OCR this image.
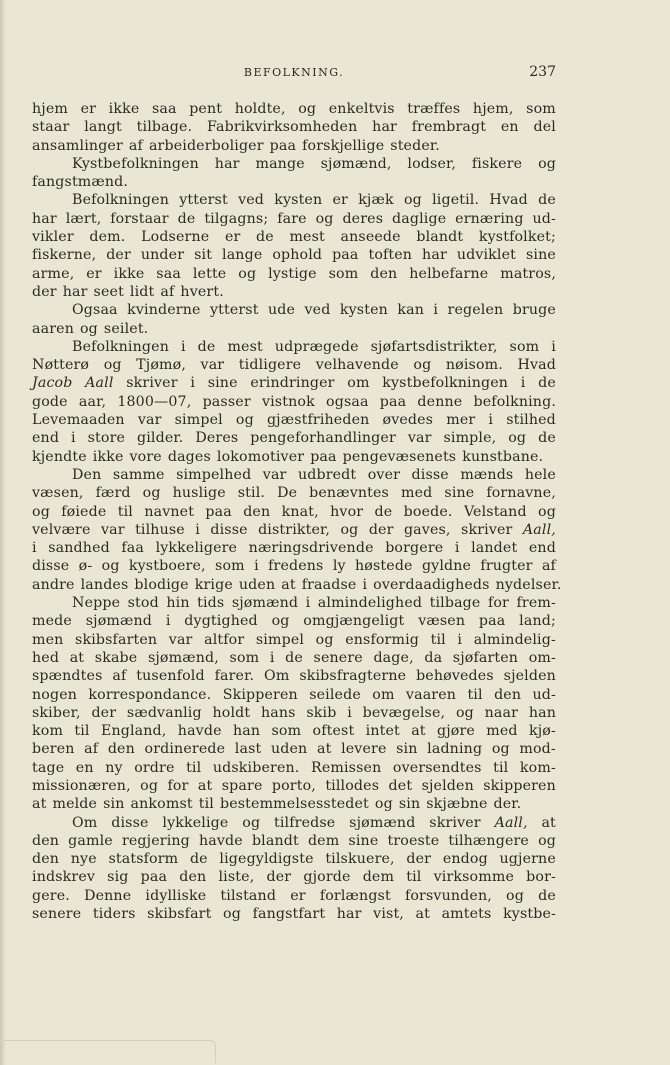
BEFOLKNING.	237
hjem er ikke saa pent holdte, og enkeltvis træffes hjem, som
staar langt tilbage. Fabrikvirksomheden har frembragt en del
ansamlinger af arbeiderboliger paa forskjellige steder.
Kystbefolkningen har mange sjømænd, lodser, fiskere og
fangstmænd.
Befolkningen ytterst ved kysten er kjæk og ligetil. Hvad de
har lært, forstaar de tilgagns; fare og deres daglige ernæring ud-
vikler dem. Lodserne er de mest anseede blandt kystfolket;
fiskerne, der under sit lange ophold paa toften har udviklet sine
arme, er ikke saa lette og lystige som den helbefarne matros,
der har seet lidt af hvert.
Ogsaa kvinderne ytterst ude ved kysten kan i regelen bruge
aaren og seilet.
Befolkningen i de mest udprægede sjøfartsdistrikter, som i
Nøtterø og Tjømø, var tidligere velhavende og nøisom. Hvad
Jacob Aall skriver i sine erindringer om kystbefolkningen i de
gode aar, 1800—07, passer vistnok ogsaa paa denne befolkning.
Levemaaden var simpel og gjæstfriheden øvedes mer i stilhed
end i store gilder. Deres pengeforhandlinger var simple, og de
kjendte ikke vore dages lokomotiver paa pengevæsenets kunstbane.
Den samme simpelhed var udbredt over disse mænds hele
væsen, færd og huslige stil. De benævntes med sine fornavne,
og føiede til navnet paa den knat, hvor de boede. Velstand og
velvære var tilhuse i disse distrikter, og der gaves, skriver Aall,
i sandhed faa lykkeligere næringsdrivende borgere i landet end
disse ø- og kystboere, som i fredens ly høstede gyldne frugter af
andre landes blodige krige uden at fraadse i overdaadigheds nydelser.
Neppe stod hin tids sjømænd i almindelighed tilbage for frem-
mede sjømænd i dygtighed og omgjængeligt væsen paa land;
men skibsfarten var altfor simpel og ensformig til i almindelig-
hed at skabe sjømænd, som i de senere dage, da sjøfarten om-
spændtes af tusenfold farer. Om skibsfragterne behøvedes sjelden
nogen korrespondance. Skipperen seilede om vaaren til den ud-
skiber, der sædvanlig holdt hans skib i bevægelse, og naar han
kom til England, havde han som oftest intet at gjøre med kjø-
beren af den ordinerede last uden at levere sin ladning og mod-
tage en ny ordre til udskiberen. Remissen oversendtes til kom-
missionæren, og for at spare porto, tillodes det sjelden skipperen
at melde sin ankomst til bestemmelsesstedet og sin skjæbne der.
Om disse lykkelige og tilfredse sjømænd skriver Aall, at
den gamle regjering havde blandt dem sine troeste tilhængere og
den nye statsform de ligegyldigste tilskuere, der endog ugjerne
indskrev sig paa den liste, der gjorde dem til virksomme bor-
gere. Denne idylliske tilstand er forlængst forsvunden, og de
senere tiders skibsfart og fangstfart har vist, at amtets kystbe-
